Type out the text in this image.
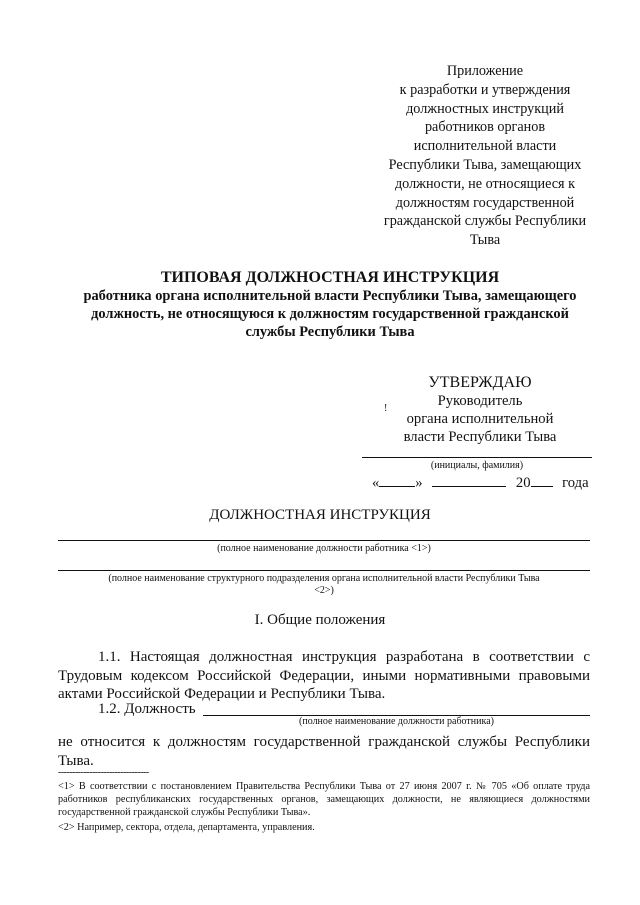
Приложение
к разработки и утверждения
должностных инструкций
работников органов
исполнительной власти
Республики Тыва, замещающих
должности, не относящиеся к
должностям государственной
гражданской службы Республики
Тыва
ТИПОВАЯ ДОЛЖНОСТНАЯ ИНСТРУКЦИЯ
работника органа исполнительной власти Республики Тыва, замещающего
должность, не относящуюся к должностям государственной гражданской
службы Республики Тыва
УТВЕРЖДАЮ
Руководитель
органа исполнительной
власти Республики Тыва
!
(инициалы, фамилия)
« »	20 года
ДОЛЖНОСТНАЯ ИНСТРУКЦИЯ
(полное наименование должности работника <1>)
(полное наименование структурного подразделения органа исполнительной власти Республики Тыва
<2>)
I. Общие положения
1.1. Настоящая должностная инструкция разработана в соответствии с Трудовым кодексом Российской Федерации, иными нормативными правовыми актами Российской Федерации и Республики Тыва.
1.2. Должность
(полное наименование должности работника)
не относится к должностям государственной гражданской службы Республики Тыва.
--------------------------------
<1> В соответствии с постановлением Правительства Республики Тыва от 27 июня 2007 г. № 705 «Об оплате труда работников республиканских государственных органов, замещающих должности, не являющиеся должностями государственной гражданской службы Республики Тыва».
<2> Например, сектора, отдела, департамента, управления.
